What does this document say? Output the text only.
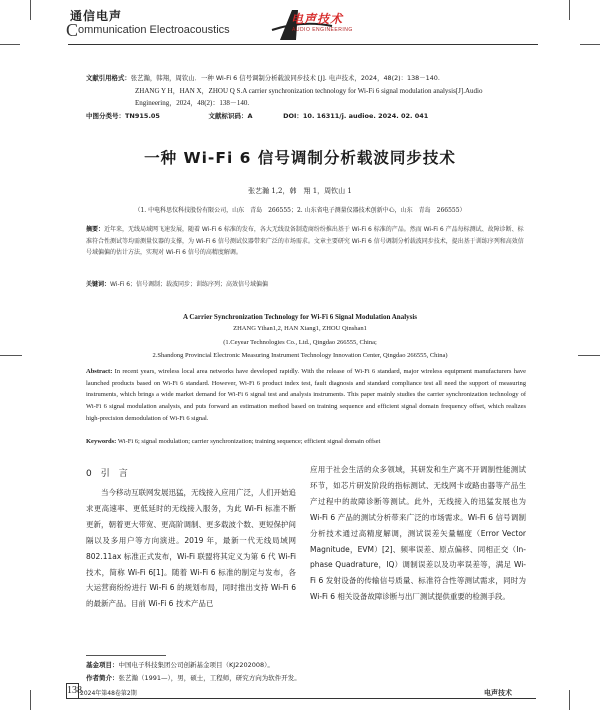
通信电声
Communication Electroacoustics
电声技术
AUDIO ENGINEERING
文献引用格式：张艺瀚，韩翔，周钦山．一种 Wi-Fi 6 信号调制分析载波同步技术 [J]. 电声技术，2024，48(2)：138－140.
ZHANG Y H，HAN X，ZHOU Q S.A carrier synchronization technology for Wi-Fi 6 signal modulation analysis[J].Audio
Engineering，2024，48(2)：138－140.
中图分类号：TN915.05	文献标识码：A	DOI：10. 16311/j. audioe. 2024. 02. 041
一种 Wi-Fi 6 信号调制分析载波同步技术
张艺瀚 1,2，韩　翔 1，周钦山 1
（1. 中电科思仪科技股份有限公司，山东　青岛　266555；2. 山东省电子测量仪器技术创新中心，山东　青岛　266555）
摘要：近年来，无线局域网飞速发展，随着 Wi-Fi 6 标准的发布，各大无线设备制造商纷纷推出基于 Wi-Fi 6 标准的产品。然而 Wi-Fi 6 产品每标测试、故障诊断、标准符合性测试等均需测量仪器的支撑，为 Wi-Fi 6 信号测试仪器带来广泛的市场需求。文章主要研究 Wi-Fi 6 信号调制分析载波同步技术，提出基于训练序列和高效信号域偏偏的估计方法，实现对 Wi-Fi 6 信号的高精度解调。
关键词：Wi-Fi 6；信号调制；载波同步；训练序列；高效信号域偏偏
A Carrier Synchronization Technology for Wi-Fi 6 Signal Modulation Analysis
ZHANG Yihan1,2, HAN Xiang1, ZHOU Qinshan1
(1.Ceyear Technologies Co., Ltd., Qingdao 266555, China;
2.Shandong Provincial Electronic Measuring Instrument Technology Innovation Center, Qingdao 266555, China)
Abstract: In recent years, wireless local area networks have developed rapidly. With the release of Wi-Fi 6 standard, major wireless equipment manufacturers have launched products based on Wi-Fi 6 standard. However, Wi-Fi 6 product index test, fault diagnosis and standard compliance test all need the support of measuring instruments, which brings a wide market demand for Wi-Fi 6 signal test and analysis instruments. This paper mainly studies the carrier synchronization technology of Wi-Fi 6 signal modulation analysis, and puts forward an estimation method based on training sequence and efficient signal domain frequency offset, which realizes high-precision demodulation of Wi-Fi 6 signal.
Keywords: Wi-Fi 6; signal modulation; carrier synchronization; training sequence; efficient signal domain offset
0　 引　言
当今移动互联网发展迅猛，无线接入应用广泛，人们开始追求更高速率、更低延时的无线接入服务，为此 Wi-Fi 标准不断更新，朝着更大带宽、更高阶调制、更多载波个数、更短保护间隔以及多用户等方向演进。2019 年，最新一代无线局域网 802.11ax 标准正式发布，Wi-Fi 联盟将其定义为第 6 代 Wi-Fi 技术，简称 Wi-Fi 6[1]。随着 Wi-Fi 6 标准的制定与发布，各大运营商纷纷进行 Wi-Fi 6 的规划布局，同时推出支持 Wi-Fi 6 的最新产品。目前 Wi-Fi 6 技术产品已
应用于社会生活的众多领域，其研发和生产离不开调制性能测试环节，如芯片研发阶段的指标测试、无线网卡或路由器等产品生产过程中的故障诊断等测试。此外，无线接入的迅猛发展也为 Wi-Fi 6 产品的测试分析带来广泛的市场需求。Wi-Fi 6 信号调制分析技术通过高精度解调，测试误差矢量幅度（Error Vector Magnitude，EVM）[2]、频率误差、原点偏移、同相正交（In-phase Quadrature，IQ）调制误差以及功率误差等，满足 Wi-Fi 6 发射设备的传输信号质量、标准符合性等测试需求，同时为 Wi-Fi 6 相关设备故障诊断与出厂测试提供重要的检测手段。
基金项目：中国电子科技集团公司创新基金项目（KJ2202008）。
作者简介：张艺瀚（1991—），男，硕士，工程师，研究方向为软件开发。
138
2024年第48卷第2期	电声技术
